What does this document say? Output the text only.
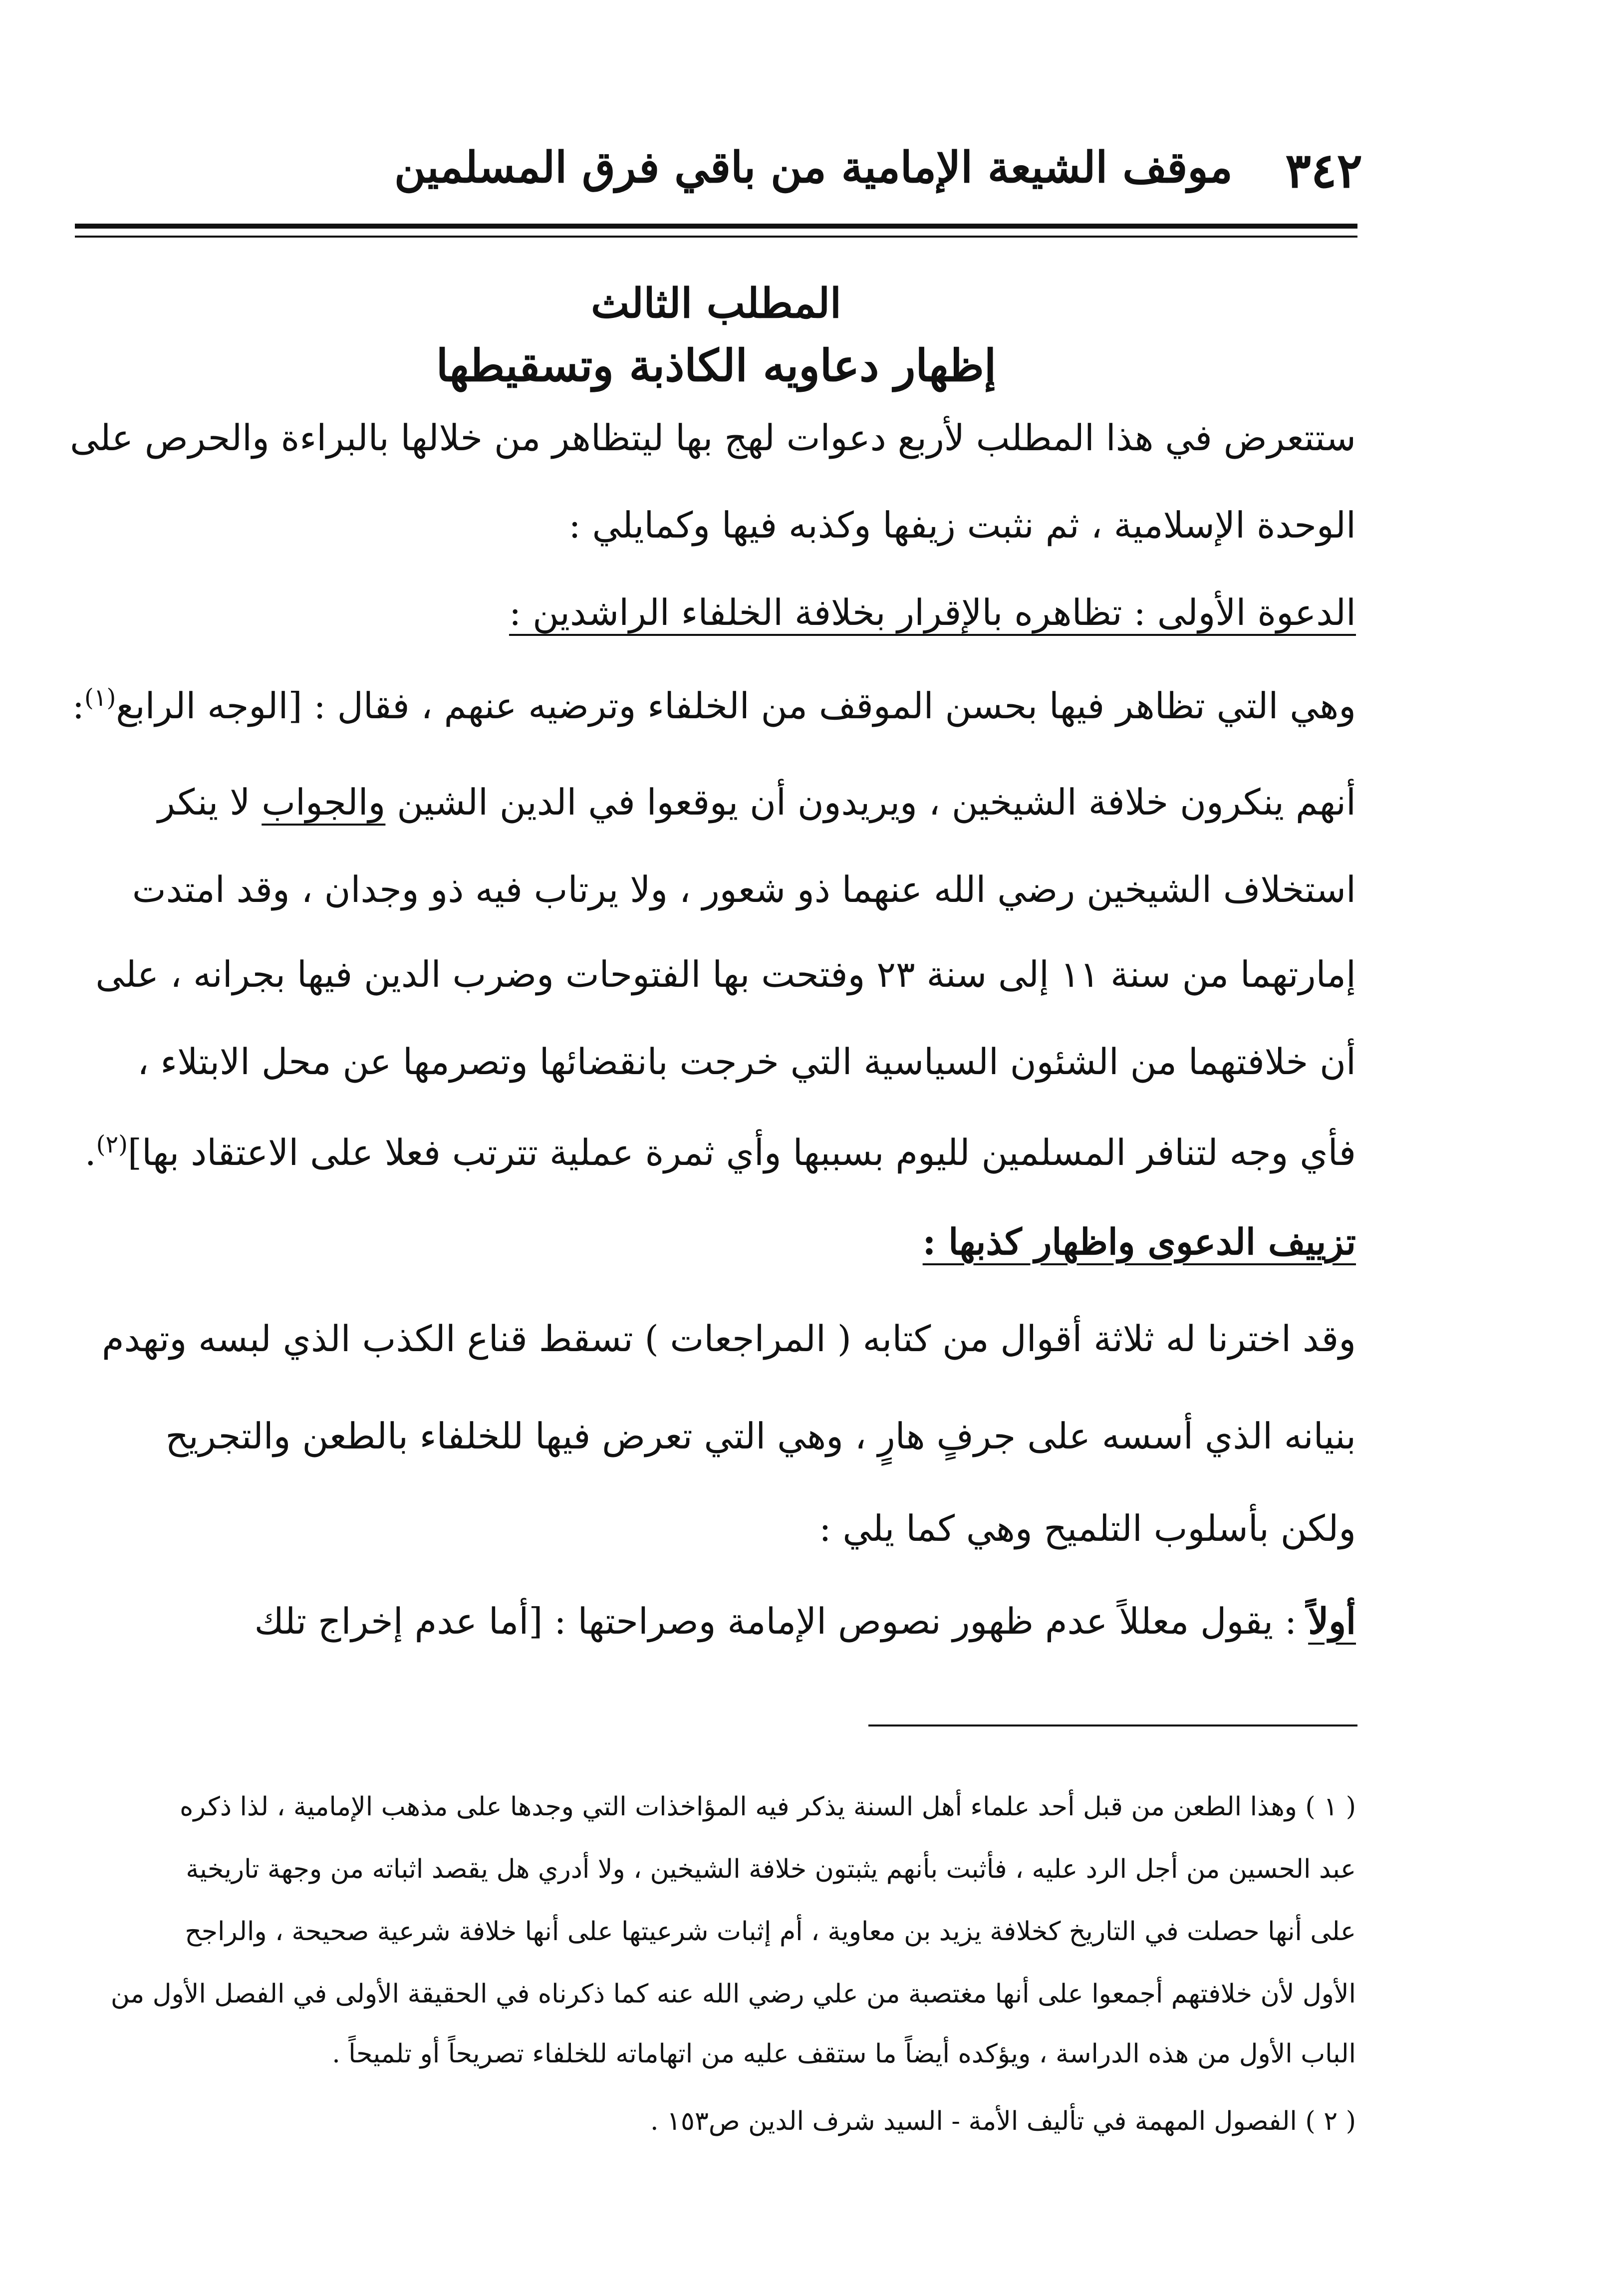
٣٤٢
موقف الشيعة الإمامية من باقي فرق المسلمين
المطلب الثالث
إظهار دعاويه الكاذبة وتسقيطها
ستتعرض في هذا المطلب لأربع دعوات لهج بها ليتظاهر من خلالها بالبراءة والحرص على
الوحدة الإسلامية ، ثم نثبت زيفها وكذبه فيها وكمايلي :
الدعوة الأولى : تظاهره بالإقرار بخلافة الخلفاء الراشدين :
وهي التي تظاهر فيها بحسن الموقف من الخلفاء وترضيه عنهم ، فقال : [الوجه الرابع$^{(١)}$:
أنهم ينكرون خلافة الشيخين ، ويريدون أن يوقعوا في الدين الشين والجواب لا ينكر
استخلاف الشيخين رضي الله عنهما ذو شعور ، ولا يرتاب فيه ذو وجدان ، وقد امتدت
إمارتهما من سنة ١١ إلى سنة ٢٣ وفتحت بها الفتوحات وضرب الدين فيها بجرانه ، على
أن خلافتهما من الشئون السياسية التي خرجت بانقضائها وتصرمها عن محل الابتلاء ،
فأي وجه لتنافر المسلمين لليوم بسببها وأي ثمرة عملية تترتب فعلا على الاعتقاد بها]$^{(٢)}$.
تزييف الدعوى واظهار كذبها :
وقد اخترنا له ثلاثة أقوال من كتابه ( المراجعات ) تسقط قناع الكذب الذي لبسه وتهدم
بنيانه الذي أسسه على جرفٍ هارٍ ، وهي التي تعرض فيها للخلفاء بالطعن والتجريح
ولكن بأسلوب التلميح وهي كما يلي :
أولاً : يقول معللاً عدم ظهور نصوص الإمامة وصراحتها : [أما عدم إخراج تلك
( ١ ) وهذا الطعن من قبل أحد علماء أهل السنة يذكر فيه المؤاخذات التي وجدها على مذهب الإمامية ، لذا ذكره
عبد الحسين من أجل الرد عليه ، فأثبت بأنهم يثبتون خلافة الشيخين ، ولا أدري هل يقصد اثباته من وجهة تاريخية
على أنها حصلت في التاريخ كخلافة يزيد بن معاوية ، أم إثبات شرعيتها على أنها خلافة شرعية صحيحة ، والراجح
الأول لأن خلافتهم أجمعوا على أنها مغتصبة من علي رضي الله عنه كما ذكرناه في الحقيقة الأولى في الفصل الأول من
الباب الأول من هذه الدراسة ، ويؤكده أيضاً ما ستقف عليه من اتهاماته للخلفاء تصريحاً أو تلميحاً .
( ٢ ) الفصول المهمة في تأليف الأمة - السيد شرف الدين ص١٥٣ .
